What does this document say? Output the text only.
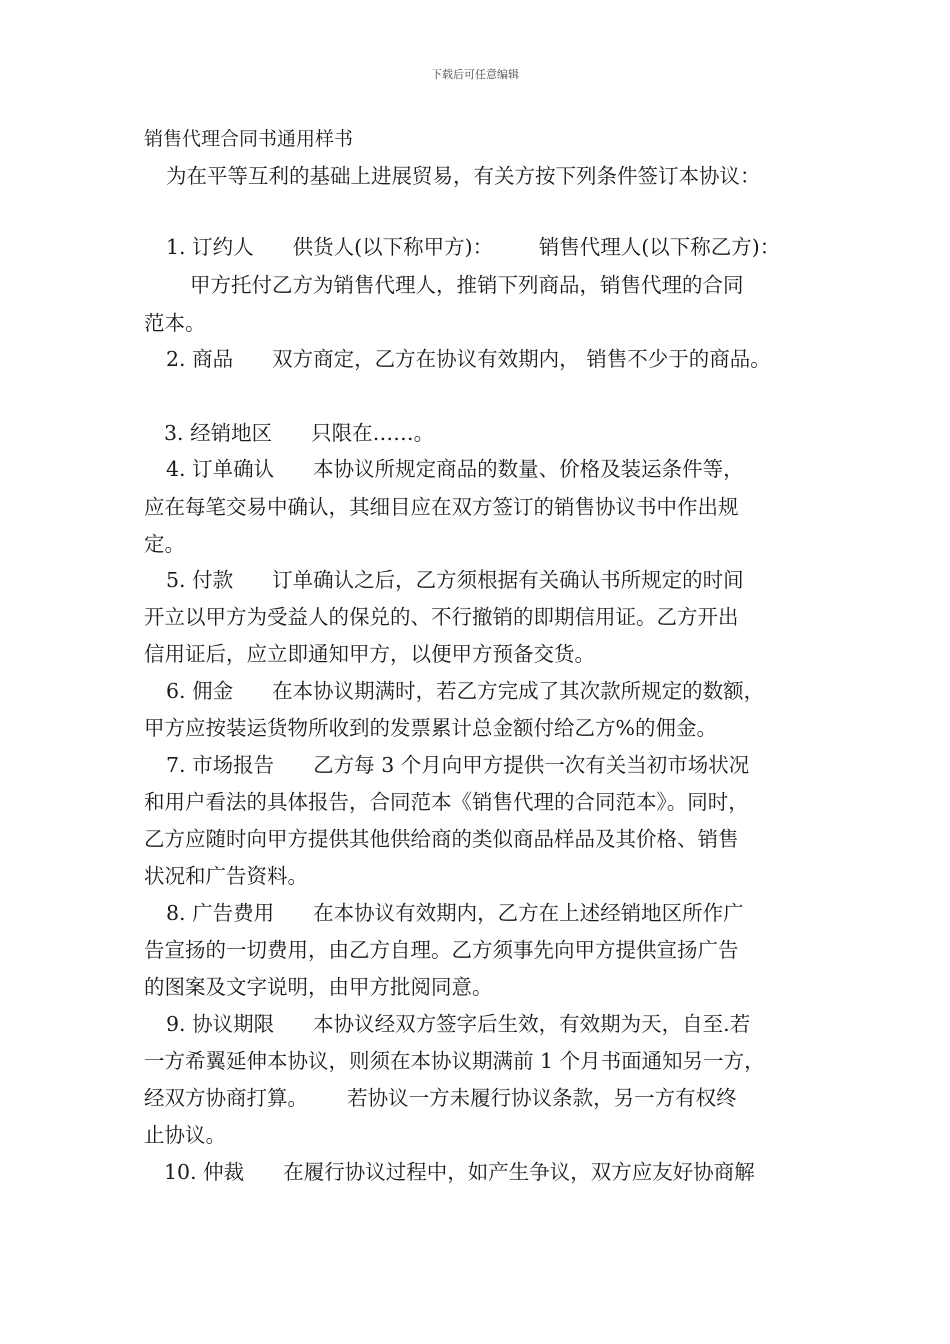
下载后可任意编辑
销售代理合同书通用样书
为在平等互利的基础上进展贸易，有关方按下列条件签订本协议：
1. 订约人      供货人(以下称甲方)：       销售代理人(以下称乙方)：
甲方托付乙方为销售代理人，推销下列商品，销售代理的合同
范本。
2. 商品      双方商定，乙方在协议有效期内， 销售不少于的商品。
3. 经销地区      只限在……。
4. 订单确认      本协议所规定商品的数量、价格及装运条件等，
应在每笔交易中确认，其细目应在双方签订的销售协议书中作出规
定。
5. 付款      订单确认之后，乙方须根据有关确认书所规定的时间
开立以甲方为受益人的保兑的、不行撤销的即期信用证。乙方开出
信用证后，应立即通知甲方，以便甲方预备交货。
6. 佣金      在本协议期满时，若乙方完成了其次款所规定的数额，
甲方应按装运货物所收到的发票累计总金额付给乙方%的佣金。
7. 市场报告      乙方每 3 个月向甲方提供一次有关当初市场状况
和用户看法的具体报告，合同范本《销售代理的合同范本》。同时，
乙方应随时向甲方提供其他供给商的类似商品样品及其价格、销售
状况和广告资料。
8. 广告费用      在本协议有效期内，乙方在上述经销地区所作广
告宣扬的一切费用，由乙方自理。乙方须事先向甲方提供宣扬广告
的图案及文字说明，由甲方批阅同意。
9. 协议期限      本协议经双方签字后生效，有效期为天，自至.若
一方希翼延伸本协议，则须在本协议期满前 1 个月书面通知另一方，
经双方协商打算。      若协议一方未履行协议条款，另一方有权终
止协议。
10. 仲裁      在履行协议过程中，如产生争议，双方应友好协商解
